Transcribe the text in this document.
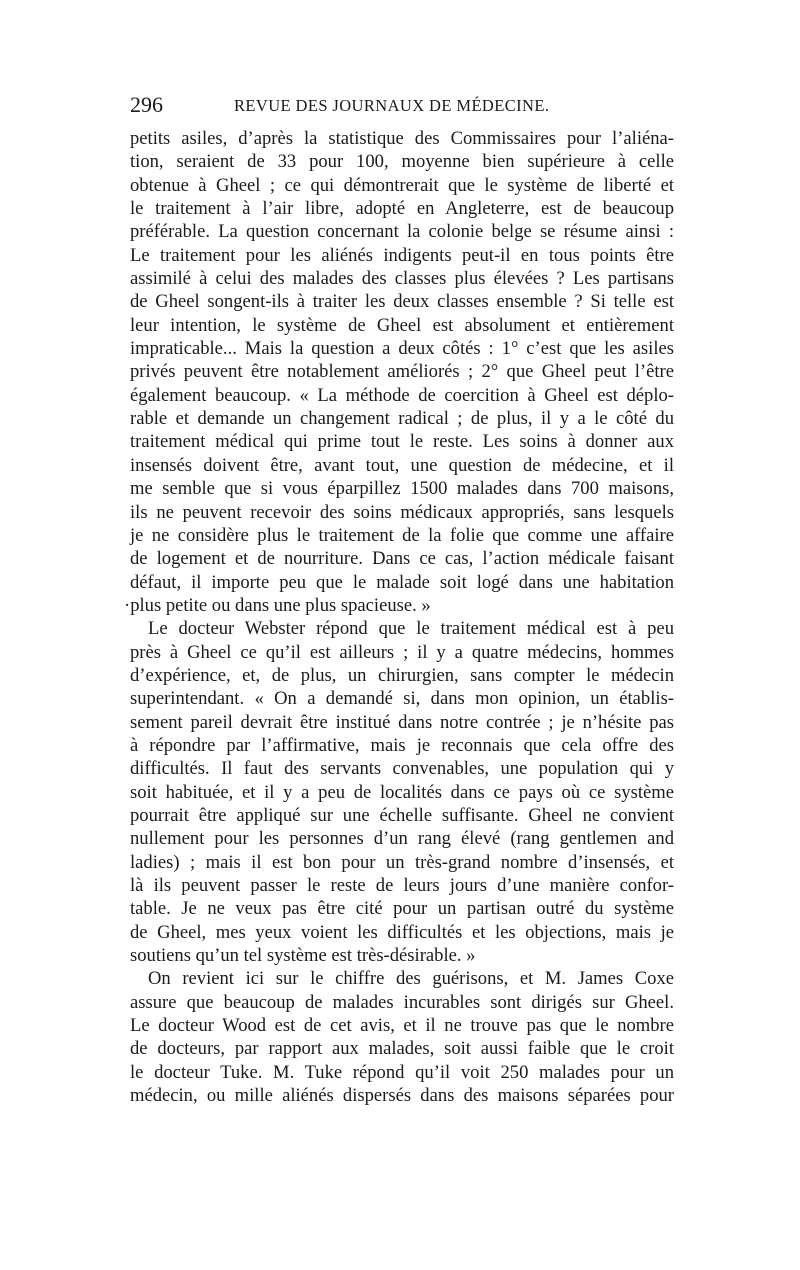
296	REVUE DES JOURNAUX DE MÉDECINE.
petits asiles, d’après la statistique des Commissaires pour l’aliéna-
tion, seraient de 33 pour 100, moyenne bien supérieure à celle
obtenue à Gheel ; ce qui démontrerait que le système de liberté et
le traitement à l’air libre, adopté en Angleterre, est de beaucoup
préférable. La question concernant la colonie belge se résume ainsi :
Le traitement pour les aliénés indigents peut-il en tous points être
assimilé à celui des malades des classes plus élevées ? Les partisans
de Gheel songent-ils à traiter les deux classes ensemble ? Si telle est
leur intention, le système de Gheel est absolument et entièrement
impraticable... Mais la question a deux côtés : 1° c’est que les asiles
privés peuvent être notablement améliorés ; 2° que Gheel peut l’être
également beaucoup. « La méthode de coercition à Gheel est déplo-
rable et demande un changement radical ; de plus, il y a le côté du
traitement médical qui prime tout le reste. Les soins à donner aux
insensés doivent être, avant tout, une question de médecine, et il
me semble que si vous éparpillez 1500 malades dans 700 maisons,
ils ne peuvent recevoir des soins médicaux appropriés, sans lesquels
je ne considère plus le traitement de la folie que comme une affaire
de logement et de nourriture. Dans ce cas, l’action médicale faisant
défaut, il importe peu que le malade soit logé dans une habitation
·plus petite ou dans une plus spacieuse. »
Le docteur Webster répond que le traitement médical est à peu
près à Gheel ce qu’il est ailleurs ; il y a quatre médecins, hommes
d’expérience, et, de plus, un chirurgien, sans compter le médecin
superintendant. « On a demandé si, dans mon opinion, un établis-
sement pareil devrait être institué dans notre contrée ; je n’hésite pas
à répondre par l’affirmative, mais je reconnais que cela offre des
difficultés. Il faut des servants convenables, une population qui y
soit habituée, et il y a peu de localités dans ce pays où ce système
pourrait être appliqué sur une échelle suffisante. Gheel ne convient
nullement pour les personnes d’un rang élevé (rang gentlemen and
ladies) ; mais il est bon pour un très-grand nombre d’insensés, et
là ils peuvent passer le reste de leurs jours d’une manière confor-
table. Je ne veux pas être cité pour un partisan outré du système
de Gheel, mes yeux voient les difficultés et les objections, mais je
soutiens qu’un tel système est très-désirable. »
On revient ici sur le chiffre des guérisons, et M. James Coxe
assure que beaucoup de malades incurables sont dirigés sur Gheel.
Le docteur Wood est de cet avis, et il ne trouve pas que le nombre
de docteurs, par rapport aux malades, soit aussi faible que le croit
le docteur Tuke. M. Tuke répond qu’il voit 250 malades pour un
médecin, ou mille aliénés dispersés dans des maisons séparées pour
